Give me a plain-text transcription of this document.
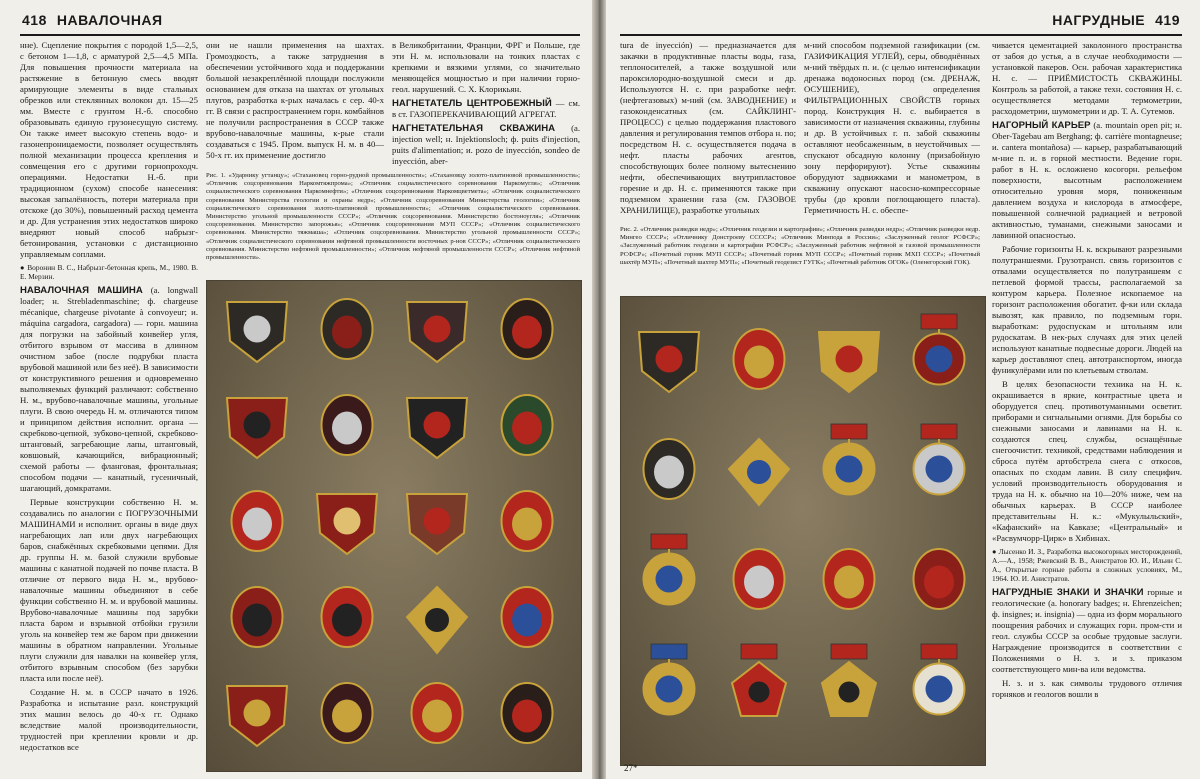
418 НАВАЛОЧНАЯ

нне). Сцепление покрытия с породой 1,5—2,5, с бетоном 1—1,8, с арматурой 2,5—4,5 МПа. Для повышения прочности материала на растяжение в бетонную смесь вводят армирующие элементы в виде стальных обрезков или стеклянных волокон дл. 15—25 мм. Вместе с грунтом Н.-б. способно образовывать единую грузонесущую систему. Он также имеет высокую степень водо- и газонепроницаемости, позволяет осуществлять полной механизации процесса крепления и совмещения его с другими горнопроходч. операциями. Недостатки Н.-б. при традиционном (сухом) способе нанесения: высокая запылённость, потери материала при отскоке (до 30%), повышенный расход цемента и др. Для устранения этих недостатков широко внедряют новый способ набрызг-бетонирования, установки с дистанционно управляемым соплами.

● Воронин В. С., Набрызг-бетонная крепь, М., 1980. В. Е. Мерзин.

НАВАЛОЧНАЯ МАШИНА (а. longwall loader; н. Strebladenmaschine; ф. chargeuse mécanique, chargeuse pivotante à convoyeur; и. máquina cargadora, cargadora) — горн. машина для погрузки на забойный конвейер угля, отбитого взрывом от массива в длинном очистном забое (после подрубки пласта врубовой машиной или без неё). В зависимости от конструктивного решения и одновременно выполняемых функций различают: собственно Н. м., врубово-навалочные машины, угольные плуги. В свою очередь Н. м. отличаются типом и принципом действия исполнит. органа — скребково-цепной, зубково-цепной, скребково-штанговый, загребающие лапы, штанговый, ковшовый, качающийся, вибрационный; схемой работы — фланговая, фронтальная; способом подачи — канатный, гусеничный, шагающий, домкратами.

Первые конструкции собственно Н. м. создавались по аналогии с ПОГРУЗОЧНЫМИ МАШИНАМИ и исполнит. органы в виде двух нагребающих лап или двух нагребающих баров, снабжённых скребковыми цепями. Для др. группы Н. м. базой служили врубовые машины с канатной подачей по почве пласта. В отличие от первого вида Н. м., врубово-навалочные машины объединяют в себе функции собственно Н. м. и врубовой машины. Врубово-навалочные машины под зарубки пласта баром и взрывной отбойки грузили уголь на конвейер тем же баром при движении машины в обратном направлении. Угольные плуги служили для навалки на конвейер угля, отбитого взрывным способом (без зарубки пласта или после неё).

Создание Н. м. в СССР начато в 1926. Разработка и испытание разл. конструкций этих машин велось до 40-х гг. Однако вследствие малой производительности, трудностей при креплении кровли и др. недостатков все

они не нашли применения на шахтах. Громоздкость, а также затруднения в обеспечении устойчивого хода и поддержании большой незакреплённой площади послужили основанием для отказа на шахтах от угольных плугов, разработка к-рых началась с сер. 40-х гг. В связи с распространением горн. комбайнов не получили распространения в СССР также врубово-навалочные машины, к-рые стали создаваться с 1945. Пром. выпуск Н. м. в 40—50-х гг. их применение достигло

в Великобритании, Франции, ФРГ и Польше, где эти Н. м. использовали на тонких пластах с крепкими и вязкими углями, со значительно меняющейся мощностью и при наличии горно-геол. нарушений. С. Х. Клорикьян.

НАГНЕТАТЕЛЬ ЦЕНТРОБЕЖНЫЙ — см. в ст. ГАЗОПЕРЕКАЧИВАЮЩИЙ АГРЕГАТ.

НАГНЕТАТЕЛЬНАЯ СКВАЖИНА (а. injection well; н. Injektionsloch; ф. puits d'injection, puits d'alimentation; и. pozo de inyección, sondeo de inyección, aber-

Рис. 1. «Ударнику угтанцу»; «Стахановец горно-рудной промышленности»; «Стахановцу золото-платиновой промышленности»; «Отличник соцсоревнования Наркомтяжпрома»; «Отличник социалистического соревнования Наркомугля»; «Отличник социалистического соревнования Наркомнефти»; «Отличник соцсоревнования Наркомцветмета»; «Отличник социалистического соревнования Министерства геологии и охраны недр»; «Отличник соцсоревнования Министерства геологии»; «Отличник социалистического соревнования золото-платиновой промышленности»; «Отличник социалистического соревнования. Министерство угольной промышленности СССР»; «Отличник соцсоревнования. Министерство бостоноугля»; «Отличник соцсоревнования. Министерство запорожья»; «Отличник соцсоревнования МУП СССР»; «Отличник социалистического соревнования. Министерство тяжмаша»; «Отличник соцсоревнования. Министерство угольной промышленности СССР»; «Отличник социалистического соревнования нефтяной промышленности восточных р-нов СССР»; «Отличник социалистического соревнования. Министерство нефтяной промышленности»; «Отличник нефтяной промышленности СССР»; «Отличник нефтяной промышленности».
НАГРУДНЫЕ 419

tura de inyección) — предназначается для закачки в продуктивные пласты воды, газа, теплоносителей, а также воздушной или пароксилородно-воздушной смеси и др. Используются Н. с. при разработке нефт. (нефтегазовых) м-ний (см. ЗАВОДНЕНИЕ) и газоконденсатных (см. САЙКЛИНГ-ПРОЦЕСС) с целью поддержания пластового давления и регулирования темпов отбора н. по; посредством Н. с. осуществляется подача в нефт. пласты рабочих агентов, способствующих более полному вытеснению нефти, обеспечивающих внутрипластовое горение и др. Н. с. применяются также при подземном хранении газа (см. ГАЗОВОЕ ХРАНИЛИЩЕ), разработке угольных

м-ний способом подземной газификации (см. ГАЗИФИКАЦИЯ УГЛЕЙ), серы, обводнённых м-ний твёрдых п. и. (с целью интенсификации дренажа водоносных пород (см. ДРЕНАЖ, ОСУШЕНИЕ), определения ФИЛЬТРАЦИОННЫХ СВОЙСТВ горных пород. Конструкция Н. с. выбирается в зависимости от назначения скважины, глубины и др. В устойчивых г. п. забой скважины оставляют необсаженным, в неустойчивых — спускают обсадную колонну (призабойную зону перфорируют). Устье скважины оборудуют задвижками и манометром, в скважину опускают насосно-компрессорные трубы (до кровли поглощающего пласта). Герметичность Н. с. обеспе-

чивается цементацией заколонного пространства от забоя до устья, а в случае необходимости — установкой пакеров. Осн. рабочая характеристика Н. с. — ПРИЁМИСТОСТЬ СКВАЖИНЫ. Контроль за работой, а также техн. состояния Н. с. осуществляется методами термометрии, расходометрии, шумометрии и др. Т. А. Сутемов.

НАГОРНЫЙ КАРЬЕР (а. mountain open pit; н. Ober-Tagebau am Berghang; ф. carrière montagneuse; и. cantera montañosa) — карьер, разрабатывающий м-ние п. и. в горной местности. Ведение горн. работ в Н. к. осложнено косогорн. рельефом поверхности, высотным расположением относительно уровня моря, пониженным давлением воздуха и кислорода в атмосфере, повышенной солнечной радиацией и ветровой активностью, туманами, снежными заносами и лавинной опасностью.

Рабочие горизонты Н. к. вскрывают разрезными полутраншеями. Грузотрансп. связь горизонтов с отвалами осуществляется по полутраншеям с петлевой формой трассы, располагаемой за контуром карьера. Полезное ископаемое на горизонт расположения обогатит. ф-ки или склада вывозят, как правило, по подземным горн. выработкам: рудоспускам и штольням или рудоскатам. В нек-рых случаях для этих целей используют канатные подвесные дороги. Людей на карьер доставляют спец. автотранспортом, иногда фуникулёрами или по клетьевым стволам.

В целях безопасности техника на Н. к. окрашивается в яркие, контрастные цвета и оборудуется спец. противотуманными осветит. приборами и сигнальными огнями. Для борьбы со снежными заносами и лавинами на Н. к. создаются спец. службы, оснащённые снегоочистит. техникой, средствами наблюдения и сброса путём артобстрела снега с откосов, опасных по сходам лавин. В силу специфич. условий производительность оборудования и труда на Н. к. обычно на 10—20% ниже, чем на обычных карьерах. В СССР наиболее представительны Н. к.: «Мукулыльский», «Кафанский» на Кавказе; «Центральный» и «Расвумчорр-Цирк» в Хибинах.

● Лысенко И. З., Разработка высокогорных месторождений, А.—А., 1958; Ржевский В. В., Анистратов Ю. И., Ильин С. А., Открытые горные работы в сложных условиях, М., 1964. Ю. И. Анистратов.

НАГРУДНЫЕ ЗНАКИ И ЗНАЧКИ горные и геологические (а. honorary badges; н. Ehrenzeichen; ф. insignes; и. insignia) — одна из форм морального поощрения рабочих и служащих горн. пром-сти и геол. службы СССР за особые трудовые заслуги. Награждение производится в соответствии с Положениями о Н. з. и з. приказом соответствующего мин-ва или ведомства.

Н. з. и з. как символы трудового отличия горняков и геологов вошли в

Рис. 2. «Отличник разведки недр»; «Отличник геодезии и картографии»; «Отличник разведки недр»; «Отличник разведки недр. Мингео СССР»; «Отличнику Донстроеву ССССР»; «Отличник Минпода в России»; «Заслуженный геолог РСФСР»; «Заслуженный работник геодезии и картографии РСФСР»; «Заслуженный работник нефтяной и газовой промышленности РСФСР»; «Почетный горняк МУП СССР»; «Почетный горняк МУП СССР»; «Почетный горняк МХП СССР»; «Почетный шахтёр МУП»; «Почетный шахтер МУП»; «Почетный геодезист ГУГК»; «Почетный работник ОГОК» (Оленегорский ГОК).
27*
